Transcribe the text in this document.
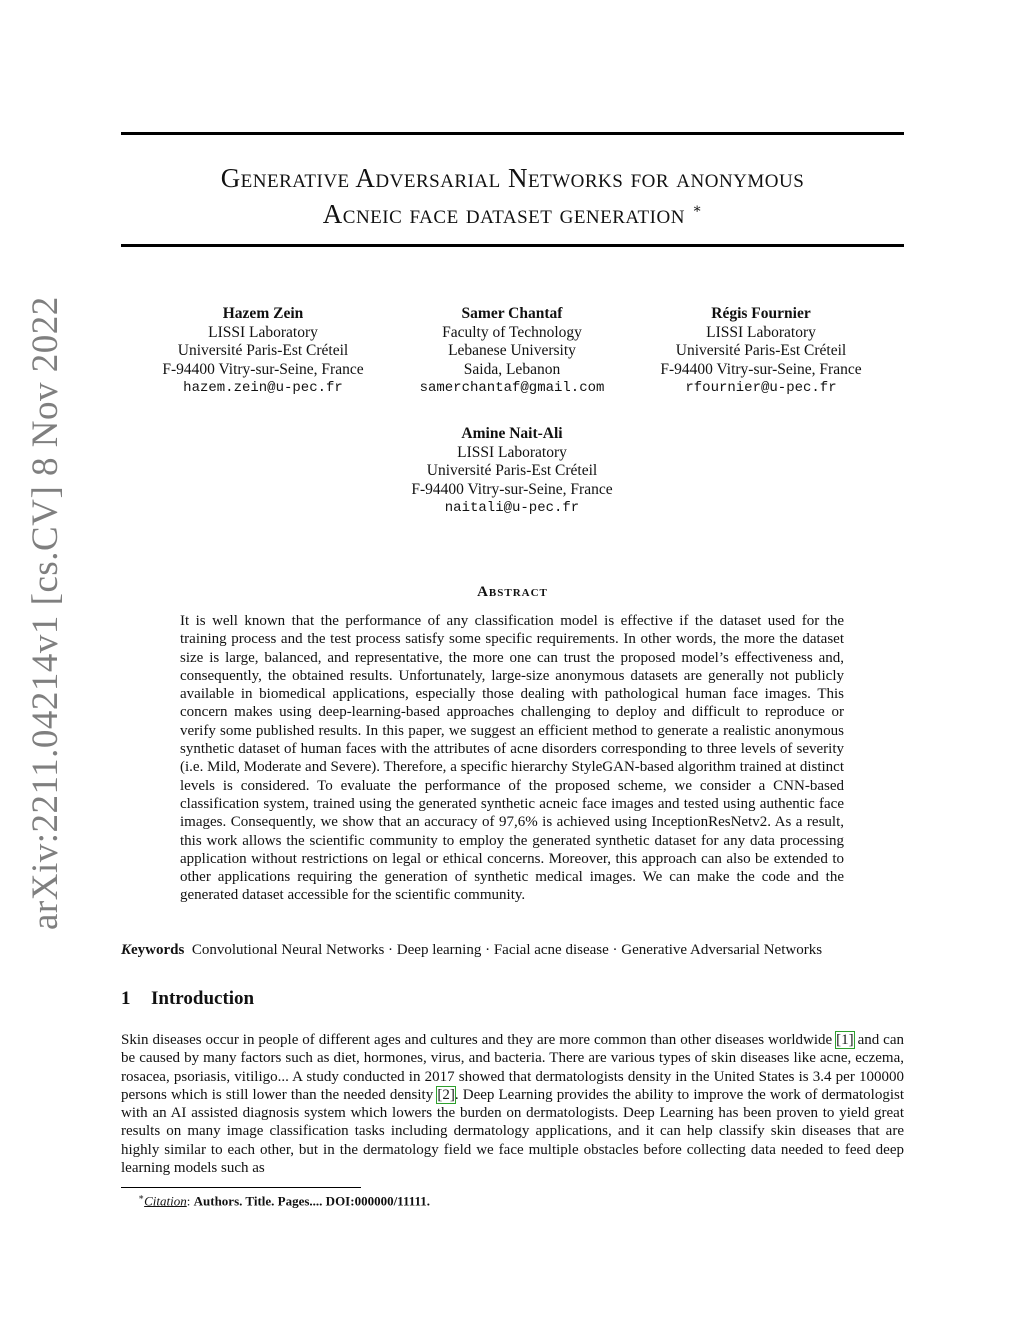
arXiv:2211.04214v1 [cs.CV] 8 Nov 2022
Generative Adversarial Networks for anonymous
Acneic face dataset generation ∗
Hazem Zein
LISSI Laboratory
Université Paris-Est Créteil
F-94400 Vitry-sur-Seine, France
hazem.zein@u-pec.fr
Samer Chantaf
Faculty of Technology
Lebanese University
Saida, Lebanon
samerchantaf@gmail.com
Régis Fournier
LISSI Laboratory
Université Paris-Est Créteil
F-94400 Vitry-sur-Seine, France
rfournier@u-pec.fr
Amine Nait-Ali
LISSI Laboratory
Université Paris-Est Créteil
F-94400 Vitry-sur-Seine, France
naitali@u-pec.fr
Abstract
It is well known that the performance of any classification model is effective if the dataset used for the training process and the test process satisfy some specific requirements. In other words, the more the dataset size is large, balanced, and representative, the more one can trust the proposed model’s effectiveness and, consequently, the obtained results. Unfortunately, large-size anonymous datasets are generally not publicly available in biomedical applications, especially those dealing with pathological human face images. This concern makes using deep-learning-based approaches challenging to deploy and difficult to reproduce or verify some published results. In this paper, we suggest an efficient method to generate a realistic anonymous synthetic dataset of human faces with the attributes of acne disorders corresponding to three levels of severity (i.e. Mild, Moderate and Severe). Therefore, a specific hierarchy StyleGAN-based algorithm trained at distinct levels is considered. To evaluate the performance of the proposed scheme, we consider a CNN-based classification system, trained using the generated synthetic acneic face images and tested using authentic face images. Consequently, we show that an accuracy of 97,6% is achieved using InceptionResNetv2. As a result, this work allows the scientific community to employ the generated synthetic dataset for any data processing application without restrictions on legal or ethical concerns. Moreover, this approach can also be extended to other applications requiring the generation of synthetic medical images. We can make the code and the generated dataset accessible for the scientific community.
Keywords Convolutional Neural Networks · Deep learning · Facial acne disease · Generative Adversarial Networks
1 Introduction
Skin diseases occur in people of different ages and cultures and they are more common than other diseases worldwide [1] and can be caused by many factors such as diet, hormones, virus, and bacteria. There are various types of skin diseases like acne, eczema, rosacea, psoriasis, vitiligo... A study conducted in 2017 showed that dermatologists density in the United States is 3.4 per 100000 persons which is still lower than the needed density [2]. Deep Learning provides the ability to improve the work of dermatologist with an AI assisted diagnosis system which lowers the burden on dermatologists. Deep Learning has been proven to yield great results on many image classification tasks including dermatology applications, and it can help classify skin diseases that are highly similar to each other, but in the dermatology field we face multiple obstacles before collecting data needed to feed deep learning models such as
∗Citation: Authors. Title. Pages.... DOI:000000/11111.
